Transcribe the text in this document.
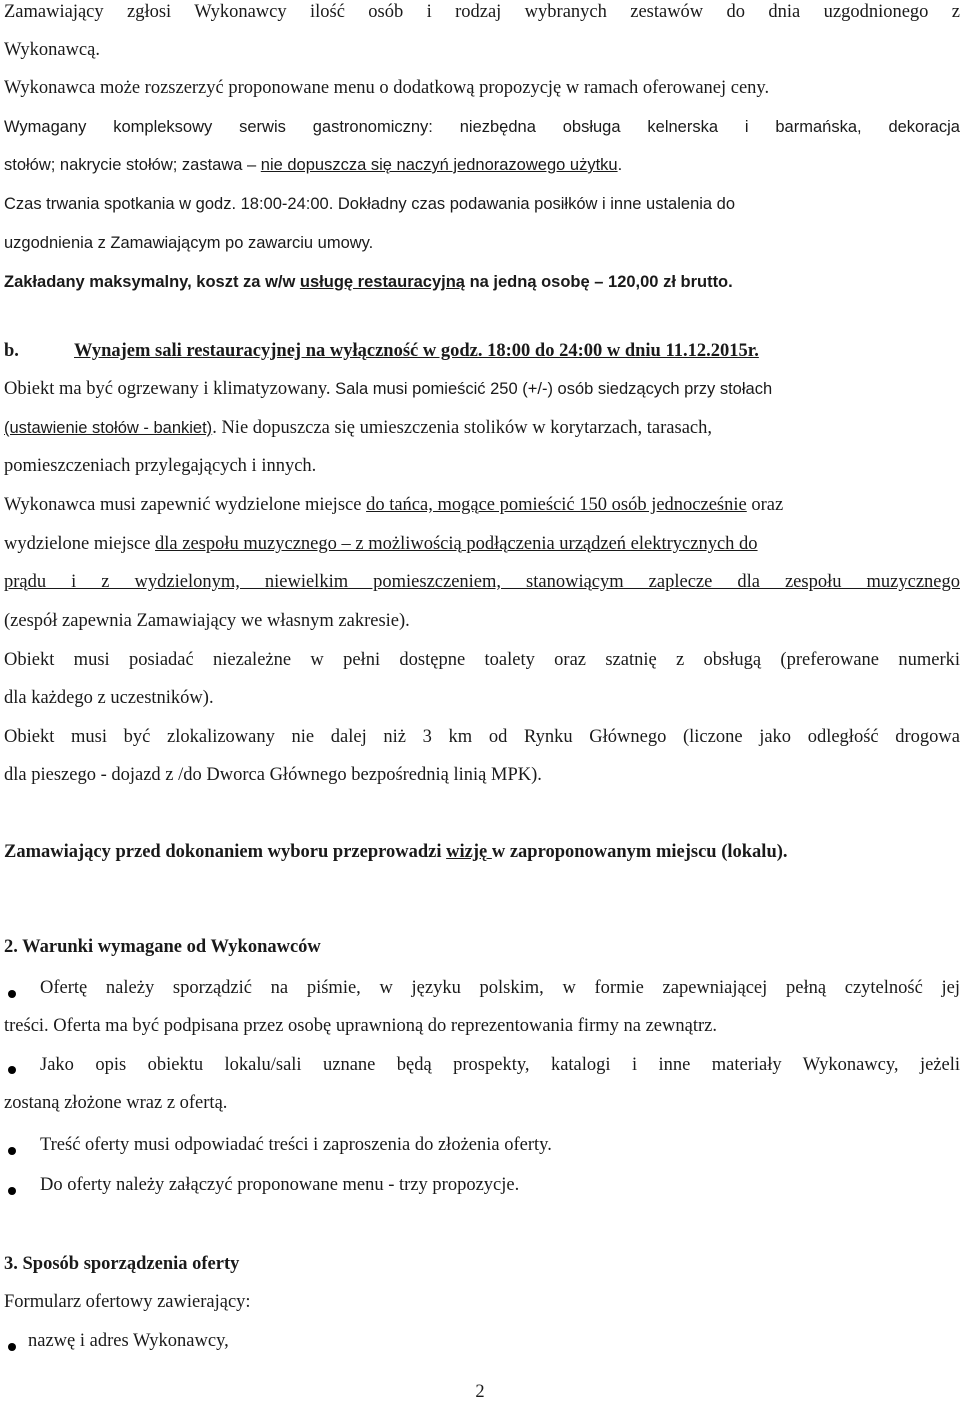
Zamawiający zgłosi Wykonawcy ilość osób i rodzaj wybranych zestawów do dnia uzgodnionego z
Wykonawcą.
Wykonawca może rozszerzyć proponowane menu o dodatkową propozycję w ramach oferowanej ceny.
Wymagany kompleksowy serwis gastronomiczny: niezbędna obsługa kelnerska i barmańska, dekoracja
stołów; nakrycie stołów; zastawa – nie dopuszcza się naczyń jednorazowego użytku.
Czas trwania spotkania w godz. 18:00-24:00. Dokładny czas podawania posiłków i inne ustalenia do
uzgodnienia z Zamawiającym po zawarciu umowy.
Zakładany maksymalny, koszt za w/w usługę restauracyjną na jedną osobę – 120,00 zł brutto.
b.	Wynajem sali restauracyjnej na wyłączność w godz. 18:00 do 24:00 w dniu 11.12.2015r.
Obiekt ma być ogrzewany i klimatyzowany. Sala musi pomieścić 250 (+/-) osób siedzących przy stołach
(ustawienie stołów - bankiet). Nie dopuszcza się umieszczenia stolików w korytarzach, tarasach,
pomieszczeniach przylegających i innych.
Wykonawca musi zapewnić wydzielone miejsce do tańca, mogące pomieścić 150 osób jednocześnie oraz
wydzielone miejsce dla zespołu muzycznego – z możliwością podłączenia urządzeń elektrycznych do
prądu i z wydzielonym, niewielkim pomieszczeniem, stanowiącym zaplecze dla zespołu muzycznego
(zespół zapewnia Zamawiający we własnym zakresie).
Obiekt musi posiadać niezależne w pełni dostępne toalety oraz szatnię z obsługą (preferowane numerki
dla każdego z uczestników).
Obiekt musi być zlokalizowany nie dalej niż 3 km od Rynku Głównego (liczone jako odległość drogowa
dla pieszego - dojazd z /do Dworca Głównego bezpośrednią linią MPK).
Zamawiający przed dokonaniem wyboru przeprowadzi wizję w zaproponowanym miejscu (lokalu).
2. Warunki wymagane od Wykonawców
Ofertę należy sporządzić na piśmie, w języku polskim, w formie zapewniającej pełną czytelność jej
treści. Oferta ma być podpisana przez osobę uprawnioną do reprezentowania firmy na zewnątrz.
Jako opis obiektu lokalu/sali uznane będą prospekty, katalogi i inne materiały Wykonawcy, jeżeli
zostaną złożone wraz z ofertą.
Treść oferty musi odpowiadać treści i zaproszenia do złożenia oferty.
Do oferty należy załączyć proponowane menu - trzy propozycje.
3. Sposób sporządzenia oferty
Formularz ofertowy zawierający:
nazwę i adres Wykonawcy,
2
